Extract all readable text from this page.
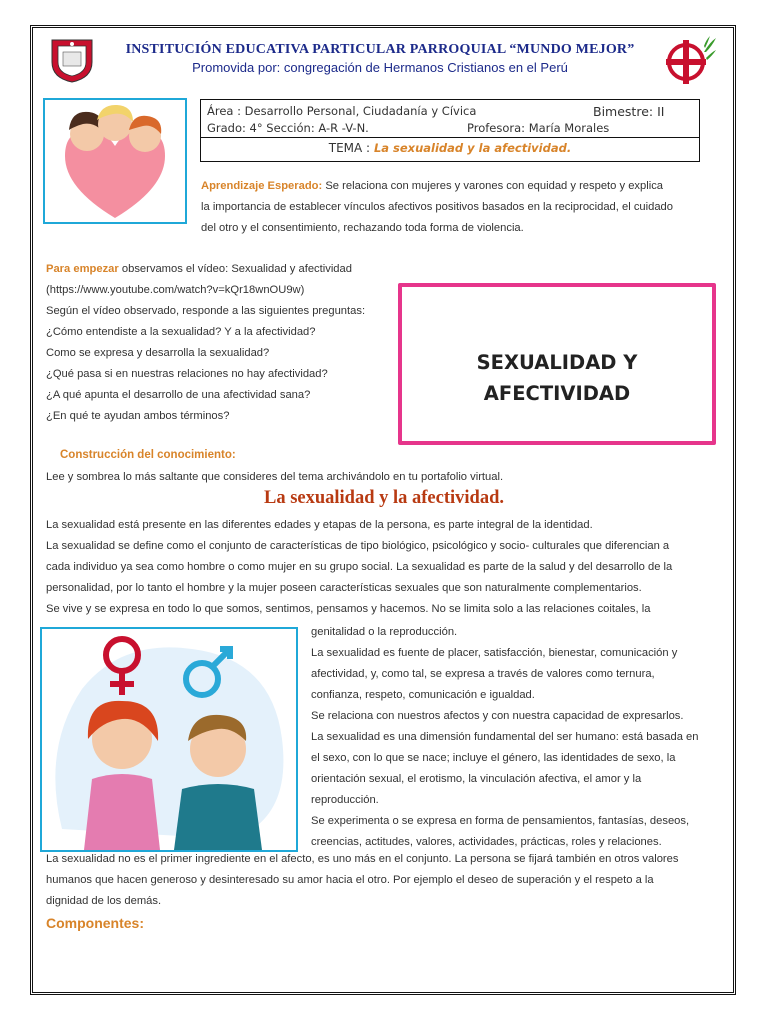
INSTITUCIÓN EDUCATIVA PARTICULAR PARROQUIAL “MUNDO MEJOR”
Promovida por: congregación de Hermanos Cristianos en el Perú
Área : Desarrollo Personal, Ciudadanía y Cívica	Bimestre: II
Grado: 4° Sección: A-R -V-N.	Profesora: María Morales
TEMA : La sexualidad y la afectividad.
Aprendizaje Esperado: Se relaciona con mujeres y varones con equidad y respeto y explica
la importancia de establecer vínculos afectivos positivos basados en la reciprocidad, el cuidado
del otro y el consentimiento, rechazando toda forma de violencia.
Para empezar observamos el vídeo: Sexualidad y afectividad
(https://www.youtube.com/watch?v=kQr18wnOU9w)
Según el vídeo observado, responde a las siguientes preguntas:
¿Cómo entendiste a la sexualidad? Y a la afectividad?
Como se expresa y desarrolla la sexualidad?
¿Qué pasa si en nuestras relaciones no hay afectividad?
¿A qué apunta el desarrollo de una afectividad sana?
¿En qué te ayudan ambos términos?
SEXUALIDAD Y
AFECTIVIDAD
Construcción del conocimiento:
Lee y sombrea lo más saltante que consideres del tema archivándolo en tu portafolio virtual.
La sexualidad y la afectividad.
La sexualidad está presente en las diferentes edades y etapas de la persona, es parte integral de la identidad.
La sexualidad se define como el conjunto de características de tipo biológico, psicológico y socio- culturales que diferencian a
cada individuo ya sea como hombre o como mujer en su grupo social. La sexualidad es parte de la salud y del desarrollo de la
personalidad, por lo tanto el hombre y la mujer poseen características sexuales que son naturalmente complementarios.
Se vive y se expresa en todo lo que somos, sentimos, pensamos y hacemos. No se limita solo a las relaciones coitales, la
genitalidad o la reproducción.
La sexualidad es fuente de placer, satisfacción, bienestar, comunicación y
afectividad, y, como tal, se expresa a través de valores como ternura,
confianza, respeto, comunicación e igualdad.
Se relaciona con nuestros afectos y con nuestra capacidad de expresarlos.
La sexualidad es una dimensión fundamental del ser humano: está basada en
el sexo, con lo que se nace; incluye el género, las identidades de sexo, la
orientación sexual, el erotismo, la vinculación afectiva, el amor y la
reproducción.
Se experimenta o se expresa en forma de pensamientos, fantasías, deseos,
creencias, actitudes, valores, actividades, prácticas, roles y relaciones.
La sexualidad no es el primer ingrediente en el afecto, es uno más en el conjunto. La persona se fijará también en otros valores
humanos que hacen generoso y desinteresado su amor hacia el otro. Por ejemplo el deseo de superación y el respeto a la
dignidad de los demás.
Componentes:
